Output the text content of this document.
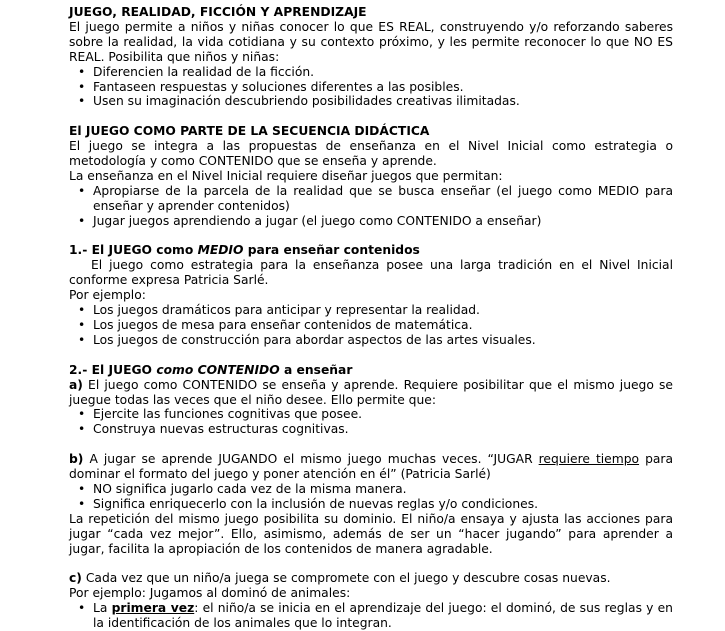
JUEGO, REALIDAD, FICCIÓN Y APRENDIZAJE

El juego permite a niños y niñas conocer lo que ES REAL, construyendo y/o reforzando saberes sobre la realidad, la vida cotidiana y su contexto próximo, y les permite reconocer lo que NO ES REAL. Posibilita que niños y niñas:

• Diferencien la realidad de la ficción.
• Fantaseen respuestas y soluciones diferentes a las posibles.
• Usen su imaginación descubriendo posibilidades creativas ilimitadas.

El JUEGO COMO PARTE DE LA SECUENCIA DIDÁCTICA

El juego se integra a las propuestas de enseñanza en el Nivel Inicial como estrategia o metodología y como CONTENIDO que se enseña y aprende.

La enseñanza en el Nivel Inicial requiere diseñar juegos que permitan:

• Apropiarse de la parcela de la realidad que se busca enseñar (el juego como MEDIO para enseñar y aprender contenidos)
• Jugar juegos aprendiendo a jugar (el juego como CONTENIDO a enseñar)

1.- El JUEGO como MEDIO para enseñar contenidos

El juego como estrategia para la enseñanza posee una larga tradición en el Nivel Inicial conforme expresa Patricia Sarlé.

Por ejemplo:

• Los juegos dramáticos para anticipar y representar la realidad.
• Los juegos de mesa para enseñar contenidos de matemática.
• Los juegos de construcción para abordar aspectos de las artes visuales.

2.- El JUEGO como CONTENIDO a enseñar

a) El juego como CONTENIDO se enseña y aprende. Requiere posibilitar que el mismo juego se juegue todas las veces que el niño desee. Ello permite que:

• Ejercite las funciones cognitivas que posee.
• Construya nuevas estructuras cognitivas.

b) A jugar se aprende JUGANDO el mismo juego muchas veces. “JUGAR requiere tiempo para dominar el formato del juego y poner atención en él” (Patricia Sarlé)

• NO significa jugarlo cada vez de la misma manera.
• Significa enriquecerlo con la inclusión de nuevas reglas y/o condiciones.

La repetición del mismo juego posibilita su dominio. El niño/a ensaya y ajusta las acciones para jugar “cada vez mejor”. Ello, asimismo, además de ser un “hacer jugando” para aprender a jugar, facilita la apropiación de los contenidos de manera agradable.

c) Cada vez que un niño/a juega se compromete con el juego y descubre cosas nuevas.

Por ejemplo: Jugamos al dominó de animales:

• La primera vez: el niño/a se inicia en el aprendizaje del juego: el dominó, de sus reglas y en la identificación de los animales que lo integran.
